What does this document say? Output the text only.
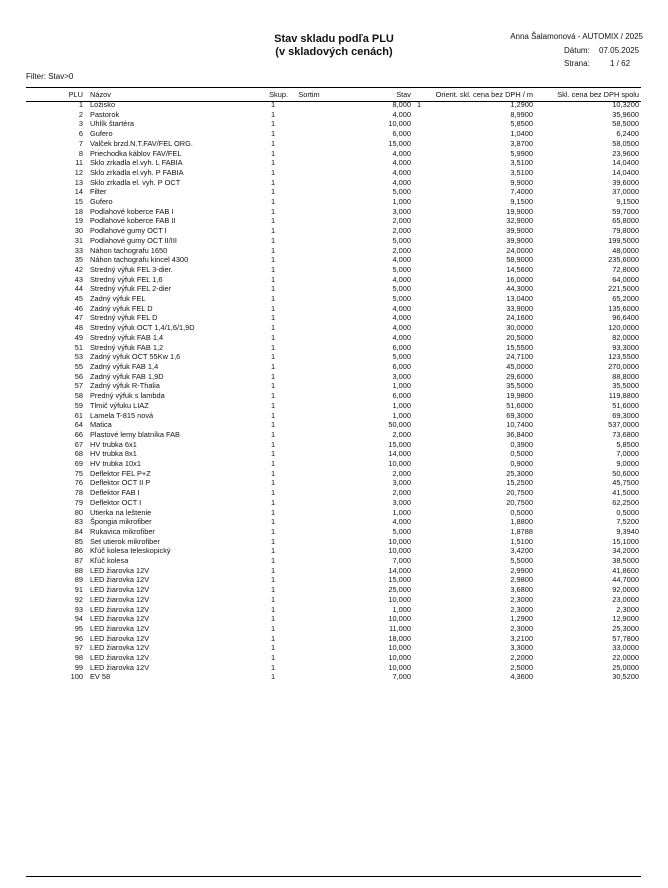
Stav skladu podľa PLU
(v skladových cenách)
Anna Šalamonová - AUTOMIX / 2025
Dátum: 07.05.2025
Strana:	1 / 62
Filter: Stav>0
PLU	Názov	Skup.	Sortim	Stav		Orient. skl. cena bez DPH / m	Skl. cena bez DPH spolu
1	Ložisko	1		8,000	1	1,2900	10,3200
2	Pastorok	1		4,000		8,9900	35,9600
3	Uhlík štartéra	1		10,000		5,8500	58,5000
6	Gufero	1		6,000		1,0400	6,2400
7	Valček brzd.N.T.FAV/FEL ORG.	1		15,000		3,8700	58,0500
8	Priechodka káblov FAV/FEL	1		4,000		5,9900	23,9600
11	Sklo zrkadla el.vyh. L FABIA	1		4,000		3,5100	14,0400
12	Sklo zrkadla el.vyh. P FABIA	1		4,000		3,5100	14,0400
13	Sklo zrkadla el. vyh. P OCT	1		4,000		9,9000	39,6000
14	Filter	1		5,000		7,4000	37,0000
15	Gufero	1		1,000		9,1500	9,1500
18	Podlahové koberce FAB I	1		3,000		19,9000	59,7000
19	Podlahové koberce FAB II	1		2,000		32,9000	65,8000
30	Podlahové gumy OCT I	1		2,000		39,9000	79,8000
31	Podlahové gumy OCT II/III	1		5,000		39,9000	199,5000
33	Náhon tachografu 1650	1		2,000		24,0000	48,0000
35	Náhon tachografu kincel 4300	1		4,000		58,9000	235,6000
42	Stredný výfuk FEL 3-dier.	1		5,000		14,5600	72,8000
43	Stredný výfuk FEL 1,6	1		4,000		16,0000	64,0000
44	Stredný výfuk FEL 2-dier	1		5,000		44,3000	221,5000
45	Zadný výfuk FEL	1		5,000		13,0400	65,2000
46	Zadný výfuk FEL D	1		4,000		33,9000	135,6000
47	Stredný výfuk FEL D	1		4,000		24,1600	96,6400
48	Stredný výfuk OCT 1,4/1,6/1,9D	1		4,000		30,0000	120,0000
49	Stredný výfuk FAB 1,4	1		4,000		20,5000	82,0000
51	Stredný výfuk FAB 1,2	1		6,000		15,5500	93,3000
53	Zadný výfuk OCT 55Kw 1,6	1		5,000		24,7100	123,5500
55	Zadný výfuk FAB 1,4	1		6,000		45,0000	270,0000
56	Zadný výfuk FAB 1,9D	1		3,000		29,6000	88,8000
57	Zadný výfuk R-Thalia	1		1,000		35,5000	35,5000
58	Predný výfuk s lambda	1		6,000		19,9800	119,8800
59	Tlmič výfuku LIAZ	1		1,000		51,6000	51,6000
61	Lamela T-815 nová	1		1,000		69,3000	69,3000
64	Matica	1		50,000		10,7400	537,0000
66	Plastové lemy blatníka FAB	1		2,000		36,8400	73,6800
67	HV trubka 6x1	1		15,000		0,3900	5,8500
68	HV trubka 8x1	1		14,000		0,5000	7,0000
69	HV trubka 10x1	1		10,000		0,9000	9,0000
75	Deflektor FEL P+Z	1		2,000		25,3000	50,6000
76	Deflektor OCT II P	1		3,000		15,2500	45,7500
78	Deflektor FAB I	1		2,000		20,7500	41,5000
79	Deflektor OCT I	1		3,000		20,7500	62,2500
80	Utierka na leštenie	1		1,000		0,5000	0,5000
83	Špongia mikrofiber	1		4,000		1,8800	7,5200
84	Rukavica mikrofiber	1		5,000		1,8788	9,3940
85	Set utierok mikrofiber	1		10,000		1,5100	15,1000
86	Kľúč kolesa teleskopický	1		10,000		3,4200	34,2000
87	Kľúč kolesa	1		7,000		5,5000	38,5000
88	LED žiarovka 12V	1		14,000		2,9900	41,8600
89	LED žiarovka 12V	1		15,000		2,9800	44,7000
91	LED žiarovka 12V	1		25,000		3,6800	92,0000
92	LED žiarovka 12V	1		10,000		2,3000	23,0000
93	LED žiarovka 12V	1		1,000		2,3000	2,3000
94	LED žiarovka 12V	1		10,000		1,2900	12,9000
95	LED žiarovka 12V	1		11,000		2,3000	25,3000
96	LED žiarovka 12V	1		18,000		3,2100	57,7800
97	LED žiarovka 12V	1		10,000		3,3000	33,0000
98	LED žiarovka 12V	1		10,000		2,2000	22,0000
99	LED žiarovka 12V	1		10,000		2,5000	25,0000
100	EV 58	1		7,000		4,3600	30,5200
